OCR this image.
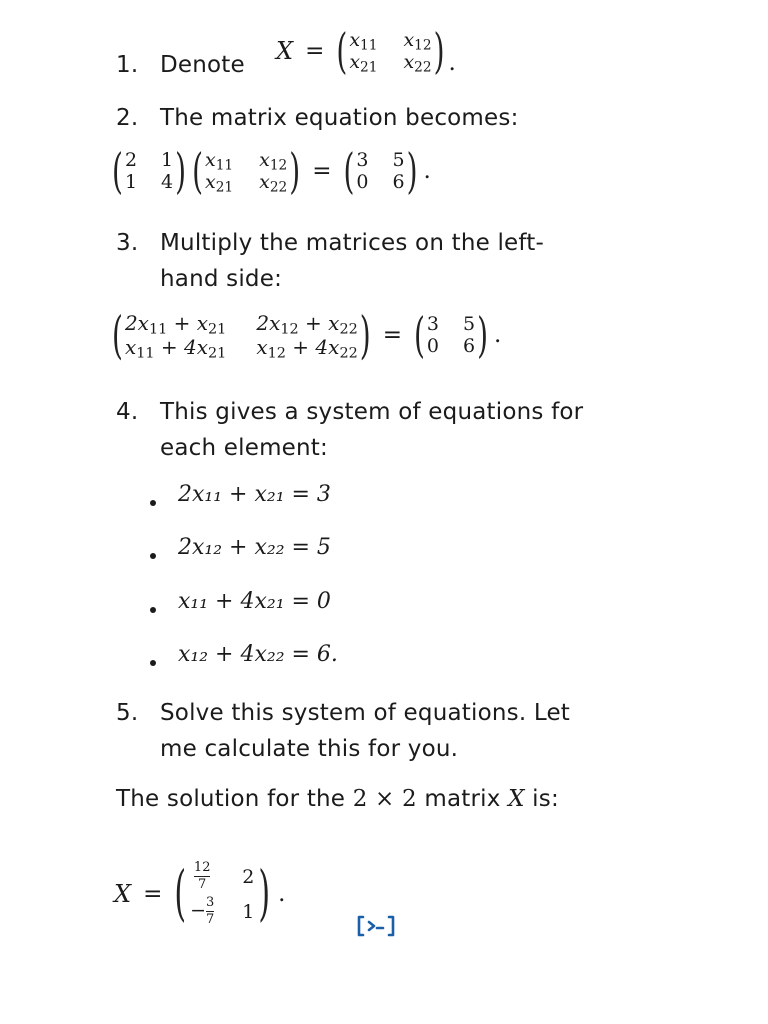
1. Denote X = ( $x_{11}$ $x_{12}$
$x_{21}$ $x_{22}$ ) .
2. The matrix equation becomes:
( 2 1
1 4 ) ( $x_{11}$ $x_{12}$
$x_{21}$ $x_{22}$ ) = ( 3 5
0 6 ) .
3. Multiply the matrices on the left-
hand side:
( $2x_{11} + x_{21}$ $2x_{12} + x_{22}$
$x_{11} + 4x_{21}$ $x_{12} + 4x_{22}$ ) = ( 3 5
0 6 ) .
4. This gives a system of equations for
each element:
2x₁₁ + x₂₁ = 3
2x₁₂ + x₂₂ = 5
x₁₁ + 4x₂₁ = 0
x₁₂ + 4x₂₂ = 6.
5. Solve this system of equations. Let
me calculate this for you.
The solution for the 2 × 2 matrix X is:
X = ( $\frac{12}{7} 2$
− $\frac{3}{7} 1$ ) .
